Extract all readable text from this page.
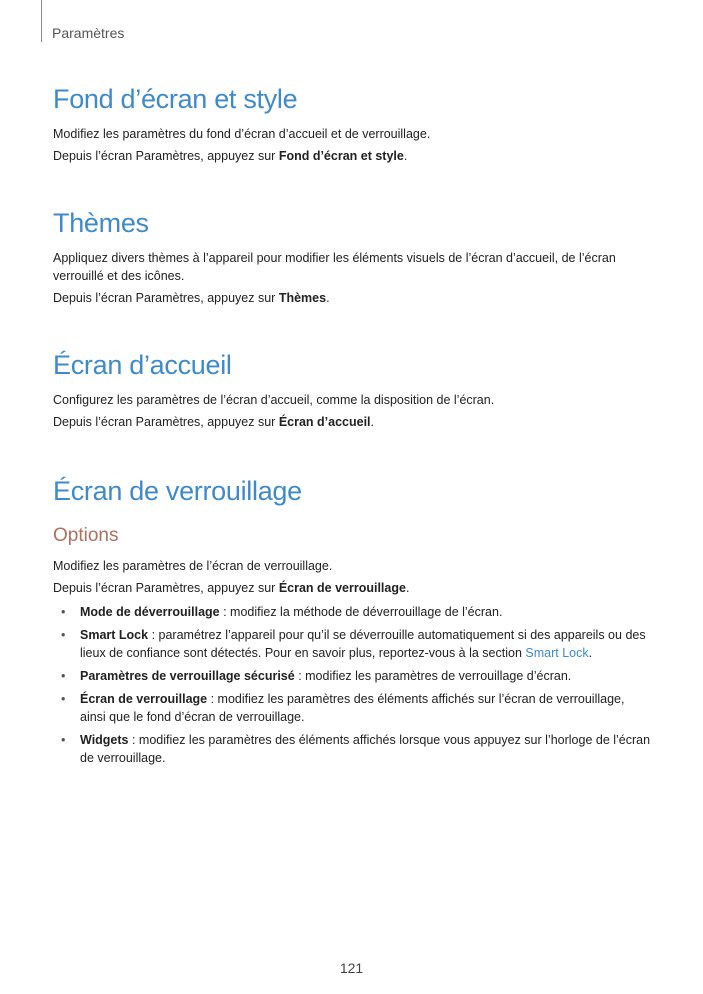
Paramètres
Fond d’écran et style

Modifiez les paramètres du fond d’écran d’accueil et de verrouillage.

Depuis l’écran Paramètres, appuyez sur Fond d’écran et style.

Thèmes

Appliquez divers thèmes à l’appareil pour modifier les éléments visuels de l’écran d’accueil, de l’écran verrouillé et des icônes.

Depuis l’écran Paramètres, appuyez sur Thèmes.

Écran d’accueil

Configurez les paramètres de l’écran d’accueil, comme la disposition de l’écran.

Depuis l’écran Paramètres, appuyez sur Écran d’accueil.

Écran de verrouillage
Options

Modifiez les paramètres de l’écran de verrouillage.

Depuis l’écran Paramètres, appuyez sur Écran de verrouillage.

• Mode de déverrouillage : modifiez la méthode de déverrouillage de l’écran.
• Smart Lock : paramétrez l’appareil pour qu’il se déverrouille automatiquement si des appareils ou des lieux de confiance sont détectés. Pour en savoir plus, reportez-vous à la section Smart Lock.
• Paramètres de verrouillage sécurisé : modifiez les paramètres de verrouillage d’écran.
• Écran de verrouillage : modifiez les paramètres des éléments affichés sur l’écran de verrouillage, ainsi que le fond d’écran de verrouillage.
• Widgets : modifiez les paramètres des éléments affichés lorsque vous appuyez sur l’horloge de l’écran de verrouillage.
121
